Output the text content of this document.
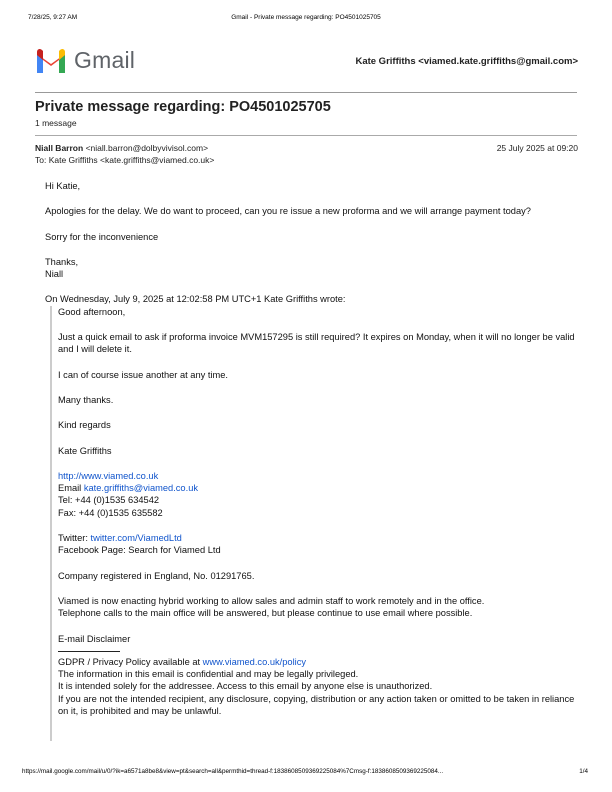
7/28/25, 9:27 AM	Gmail - Private message regarding: PO4501025705
Gmail	Kate Griffiths <viamed.kate.griffiths@gmail.com>
Private message regarding: PO4501025705
1 message
Niall Barron <niall.barron@dolbyvivisol.com>	25 July 2025 at 09:20
To: Kate Griffiths <kate.griffiths@viamed.co.uk>

Hi Katie,

Apologies for the delay. We do want to proceed, can you re issue a new proforma and we will arrange payment today?

Sorry for the inconvenience

Thanks,
Niall

On Wednesday, July 9, 2025 at 12:02:58 PM UTC+1 Kate Griffiths wrote:

Good afternoon,

Just a quick email to ask if proforma invoice MVM157295 is still required? It expires on Monday, when it will no longer be valid and I will delete it.

I can of course issue another at any time.

Many thanks.

Kind regards

Kate Griffiths

http://www.viamed.co.uk
Email kate.griffiths@viamed.co.uk
Tel: +44 (0)1535 634542
Fax: +44 (0)1535 635582

Twitter: twitter.com/ViamedLtd
Facebook Page: Search for Viamed Ltd

Company registered in England, No. 01291765.

Viamed is now enacting hybrid working to allow sales and admin staff to work remotely and in the office.
Telephone calls to the main office will be answered, but please continue to use email where possible.

E-mail Disclaimer
GDPR / Privacy Policy available at www.viamed.co.uk/policy
The information in this email is confidential and may be legally privileged.
It is intended solely for the addressee. Access to this email by anyone else is unauthorized.
If you are not the intended recipient, any disclosure, copying, distribution or any action taken or omitted to be taken in reliance on it, is prohibited and may be unlawful.
https://mail.google.com/mail/u/0/?ik=a6571a8be8&view=pt&search=all&permthid=thread-f:1838608509369225084%7Cmsg-f:1838608509369225084...	1/4
